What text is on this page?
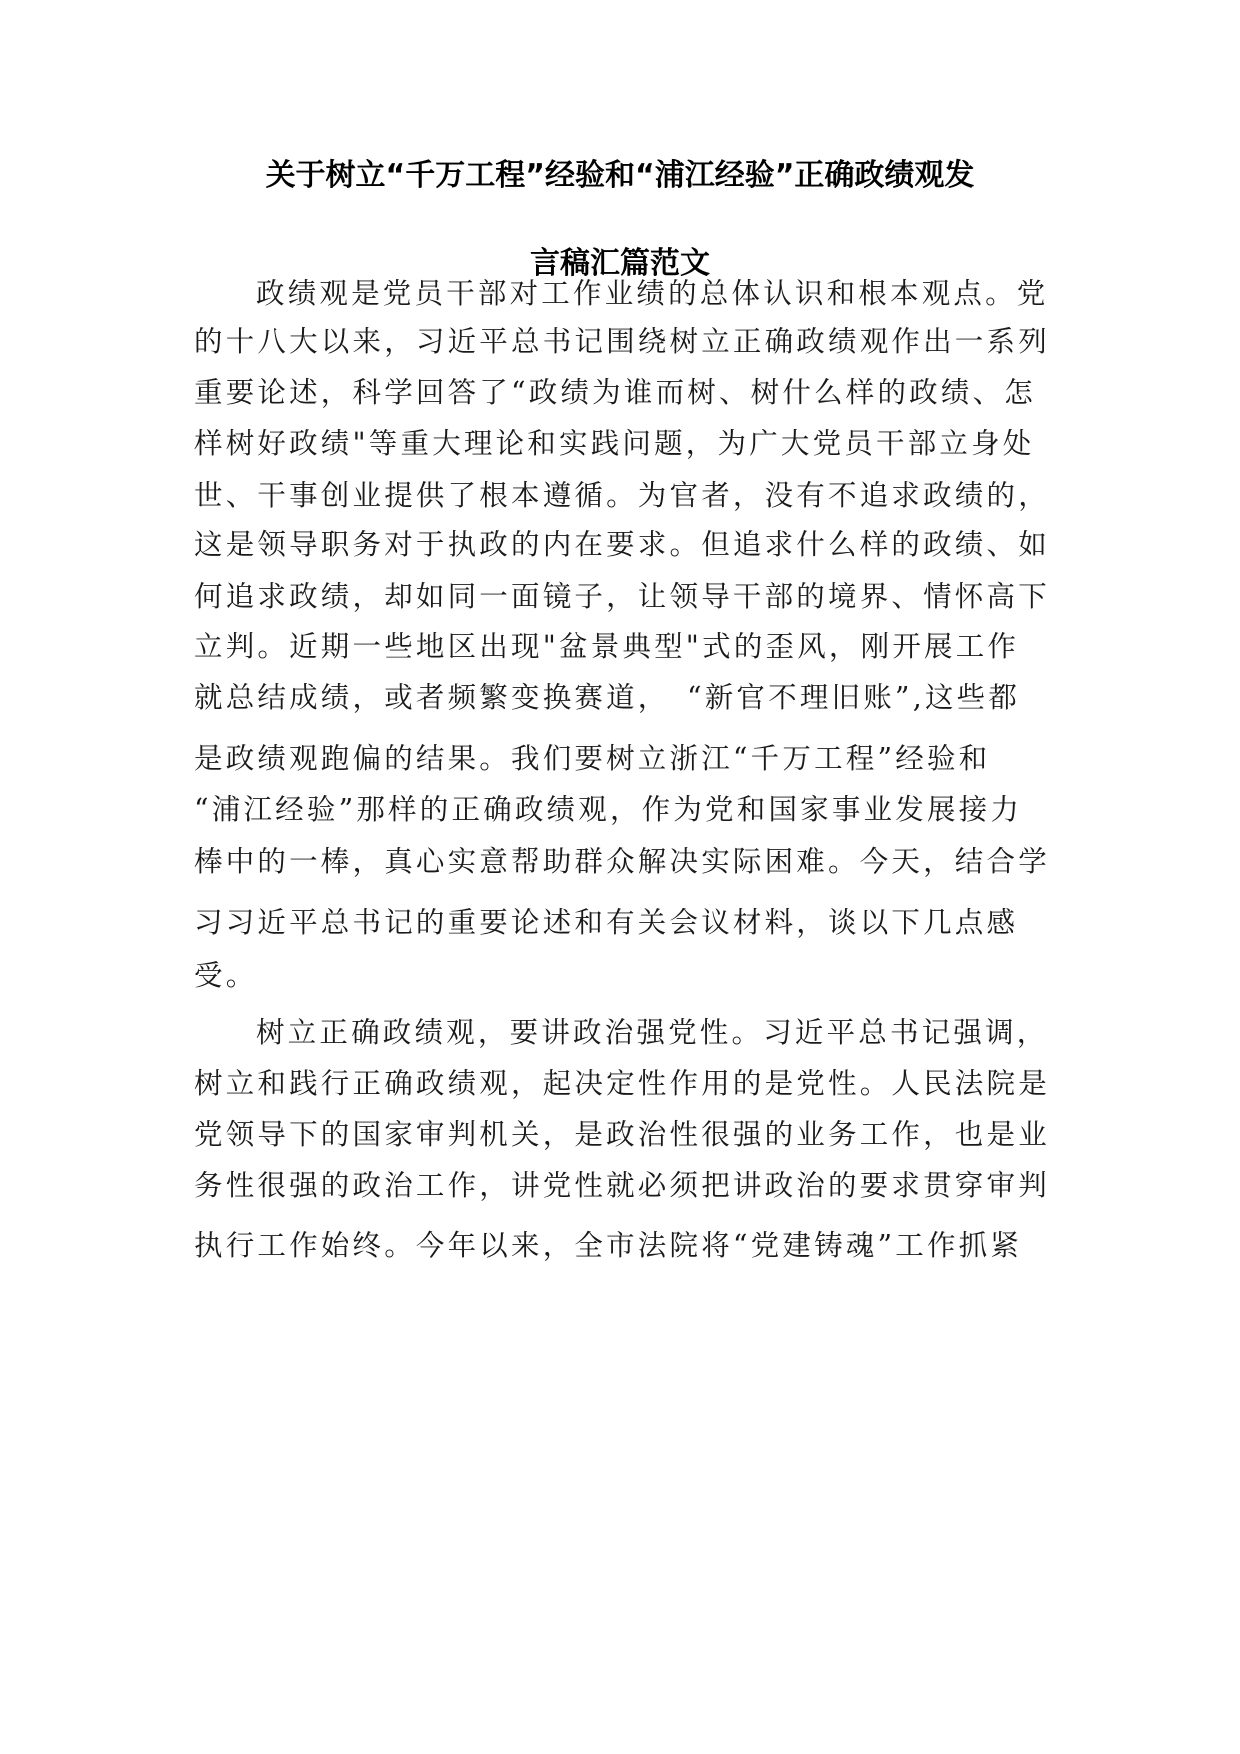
关于树立“千万工程”经验和“浦江经验”正确政绩观发
言稿汇篇范文
政绩观是党员干部对工作业绩的总体认识和根本观点。党
的十八大以来，习近平总书记围绕树立正确政绩观作出一系列
重要论述，科学回答了“政绩为谁而树、树什么样的政绩、怎
样树好政绩"等重大理论和实践问题，为广大党员干部立身处
世、干事创业提供了根本遵循。为官者，没有不追求政绩的，
这是领导职务对于执政的内在要求。但追求什么样的政绩、如
何追求政绩，却如同一面镜子，让领导干部的境界、情怀高下
立判。近期一些地区出现"盆景典型"式的歪风，刚开展工作
就总结成绩，或者频繁变换赛道，　“新官不理旧账”,这些都
是政绩观跑偏的结果。我们要树立浙江“千万工程”经验和
“浦江经验”那样的正确政绩观，作为党和国家事业发展接力
棒中的一棒，真心实意帮助群众解决实际困难。今天，结合学
习习近平总书记的重要论述和有关会议材料，谈以下几点感
受。
树立正确政绩观，要讲政治强党性。习近平总书记强调，
树立和践行正确政绩观，起决定性作用的是党性。人民法院是
党领导下的国家审判机关，是政治性很强的业务工作，也是业
务性很强的政治工作，讲党性就必须把讲政治的要求贯穿审判
执行工作始终。今年以来，全市法院将“党建铸魂”工作抓紧
